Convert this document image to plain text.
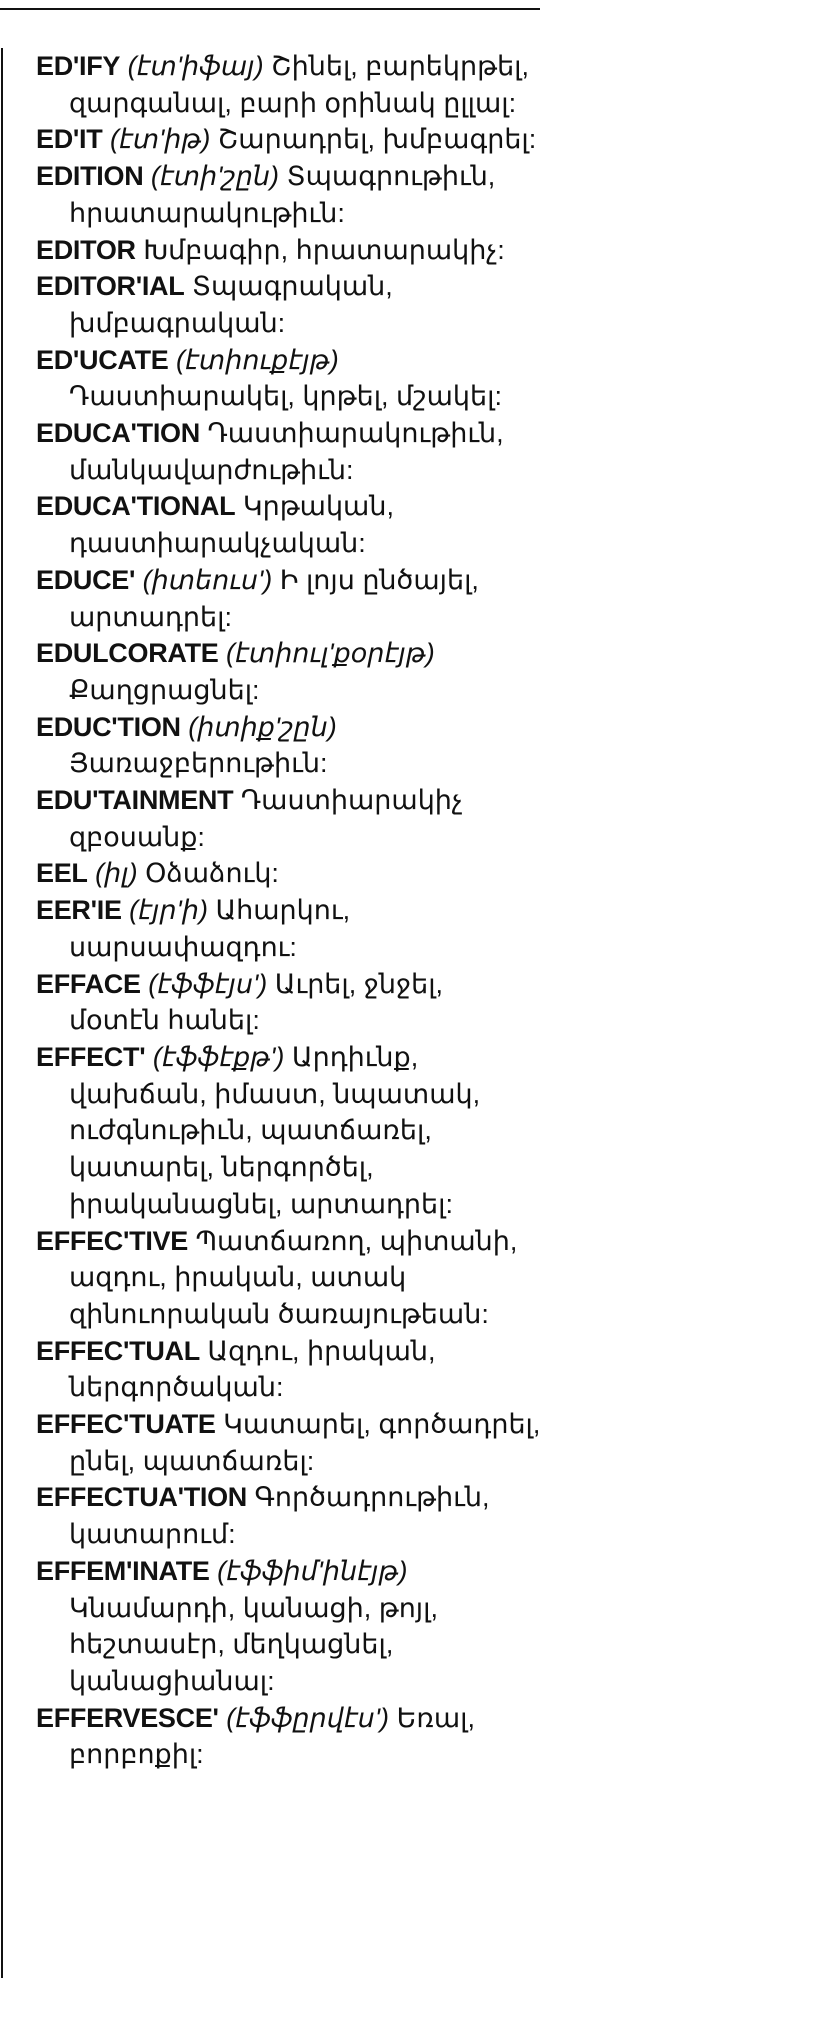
ED'IFY (էտ'իֆայ) Շինել, բարեկրթել, զարգանալ, բարի օրինակ ըլլալ:
ED'IT (էտ'իթ) Շարադրել, խմբագրել:
EDITION (էտի'շըն) Տպագրութիւն, հրատարակութիւն:
EDITOR Խմբագիր, հրատարակիչ:
EDITOR'IAL Տպագրական, խմբագրական:
ED'UCATE (էտիուքէյթ) Դաստիարակել, կրթել, մշակել:
EDUCA'TION Դաստիարակութիւն, մանկավարժութիւն:
EDUCA'TIONAL Կրթական, դաստիարակչական:
EDUCE' (իտեուս') Ի լոյս ընծայել, արտադրել:
EDULCORATE (էտիուլ'քօրէյթ) Քաղցրացնել:
EDUC'TION (իտիք'շըն) Յառաջբերութիւն:
EDU'TAINMENT Դաստիարակիչ զբօսանք:
EEL (իլ) Օձաձուկ:
EER'IE (էյր'ի) Ահարկու, սարսափազդու:
EFFACE (էֆֆէյս') Աւրել, ջնջել, մօտէն հանել:
EFFECT' (էֆֆէքթ') Արդիւնք, վախճան, իմաստ, նպատակ, ուժգնութիւն, պատճառել, կատարել, ներգործել, իրականացնել, արտադրել:
EFFEC'TIVE Պատճառող, պիտանի, ազդու, իրական, ատակ զինուորական ծառայութեան:
EFFEC'TUAL Ազդու, իրական, ներգործական:
EFFEC'TUATE Կատարել, գործադրել, ընել, պատճառել:
EFFECTUA'TION Գործադրութիւն, կատարում:
EFFEM'INATE (էֆֆիմ'ինէյթ) Կնամարդի, կանացի, թոյլ, հեշտասէր, մեղկացնել, կանացիանալ:
EFFERVESCE' (էֆֆըրվէս') Եռալ, բորբոքիլ:
